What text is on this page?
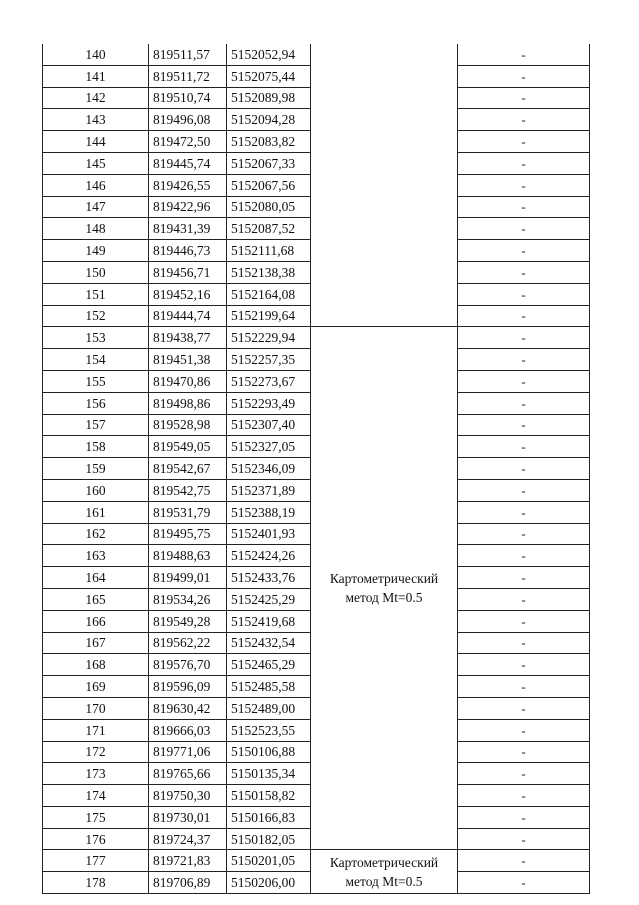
140	819511,57	5152052,94		-
141	819511,72	5152075,44		-
142	819510,74	5152089,98		-
143	819496,08	5152094,28		-
144	819472,50	5152083,82		-
145	819445,74	5152067,33		-
146	819426,55	5152067,56		-
147	819422,96	5152080,05		-
148	819431,39	5152087,52		-
149	819446,73	5152111,68		-
150	819456,71	5152138,38		-
151	819452,16	5152164,08		-
152	819444,74	5152199,64		-
153	819438,77	5152229,94	Картометрический метод Mt=0.5	-
154	819451,38	5152257,35		-
155	819470,86	5152273,67		-
156	819498,86	5152293,49		-
157	819528,98	5152307,40		-
158	819549,05	5152327,05		-
159	819542,67	5152346,09		-
160	819542,75	5152371,89		-
161	819531,79	5152388,19		-
162	819495,75	5152401,93		-
163	819488,63	5152424,26		-
164	819499,01	5152433,76		-
165	819534,26	5152425,29		-
166	819549,28	5152419,68		-
167	819562,22	5152432,54		-
168	819576,70	5152465,29		-
169	819596,09	5152485,58		-
170	819630,42	5152489,00		-
171	819666,03	5152523,55		-
172	819771,06	5150106,88		-
173	819765,66	5150135,34		-
174	819750,30	5150158,82		-
175	819730,01	5150166,83		-
176	819724,37	5150182,05		-
177	819721,83	5150201,05	Картометрический метод Mt=0.5	-
178	819706,89	5150206,00		-
